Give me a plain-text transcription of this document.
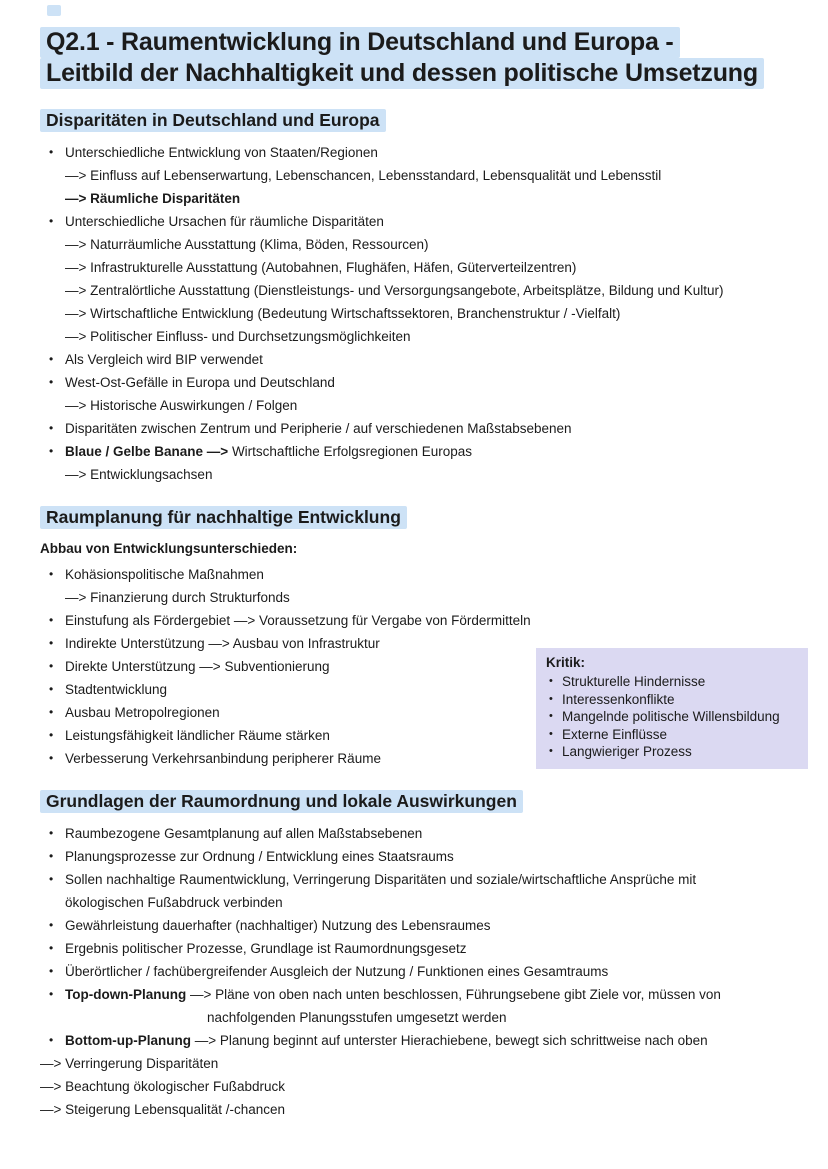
Q2.1 - Raumentwicklung in Deutschland und Europa - Leitbild der Nachhaltigkeit und dessen politische Umsetzung
Disparitäten in Deutschland und Europa
• Unterschiedliche Entwicklung von Staaten/Regionen
—> Einfluss auf Lebenserwartung, Lebenschancen, Lebensstandard, Lebensqualität und Lebensstil
—> Räumliche Disparitäten
• Unterschiedliche Ursachen für räumliche Disparitäten
—> Naturräumliche Ausstattung (Klima, Böden, Ressourcen)
—> Infrastrukturelle Ausstattung (Autobahnen, Flughäfen, Häfen, Güterverteilzentren)
—> Zentralörtliche Ausstattung (Dienstleistungs- und Versorgungsangebote, Arbeitsplätze, Bildung und Kultur)
—> Wirtschaftliche Entwicklung (Bedeutung Wirtschaftssektoren, Branchenstruktur / -Vielfalt)
—> Politischer Einfluss- und Durchsetzungsmöglichkeiten
• Als Vergleich wird BIP verwendet
• West-Ost-Gefälle in Europa und Deutschland
—> Historische Auswirkungen / Folgen
• Disparitäten zwischen Zentrum und Peripherie / auf verschiedenen Maßstabsebenen
• Blaue / Gelbe Banane —> Wirtschaftliche Erfolgsregionen Europas
—> Entwicklungsachsen
Raumplanung für nachhaltige Entwicklung
Abbau von Entwicklungsunterschieden:
• Kohäsionspolitische Maßnahmen
—> Finanzierung durch Strukturfonds
• Einstufung als Fördergebiet —> Voraussetzung für Vergabe von Fördermitteln
• Indirekte Unterstützung —> Ausbau von Infrastruktur
• Direkte Unterstützung —> Subventionierung
• Stadtentwicklung
• Ausbau Metropolregionen
• Leistungsfähigkeit ländlicher Räume stärken
• Verbesserung Verkehrsanbindung peripherer Räume
Kritik:
• Strukturelle Hindernisse
• Interessenkonflikte
• Mangelnde politische Willensbildung
• Externe Einflüsse
• Langwieriger Prozess
Grundlagen der Raumordnung und lokale Auswirkungen
• Raumbezogene Gesamtplanung auf allen Maßstabsebenen
• Planungsprozesse zur Ordnung / Entwicklung eines Staatsraums
• Sollen nachhaltige Raumentwicklung, Verringerung Disparitäten und soziale/wirtschaftliche Ansprüche mit ökologischen Fußabdruck verbinden
• Gewährleistung dauerhafter (nachhaltiger) Nutzung des Lebensraumes
• Ergebnis politischer Prozesse, Grundlage ist Raumordnungsgesetz
• Überörtlicher / fachübergreifender Ausgleich der Nutzung / Funktionen eines Gesamtraums
• Top-down-Planung —> Pläne von oben nach unten beschlossen, Führungsebene gibt Ziele vor, müssen von
nachfolgenden Planungsstufen umgesetzt werden
• Bottom-up-Planung —> Planung beginnt auf unterster Hierachiebene, bewegt sich schrittweise nach oben
—> Verringerung Disparitäten
—> Beachtung ökologischer Fußabdruck
—> Steigerung Lebensqualität /-chancen
